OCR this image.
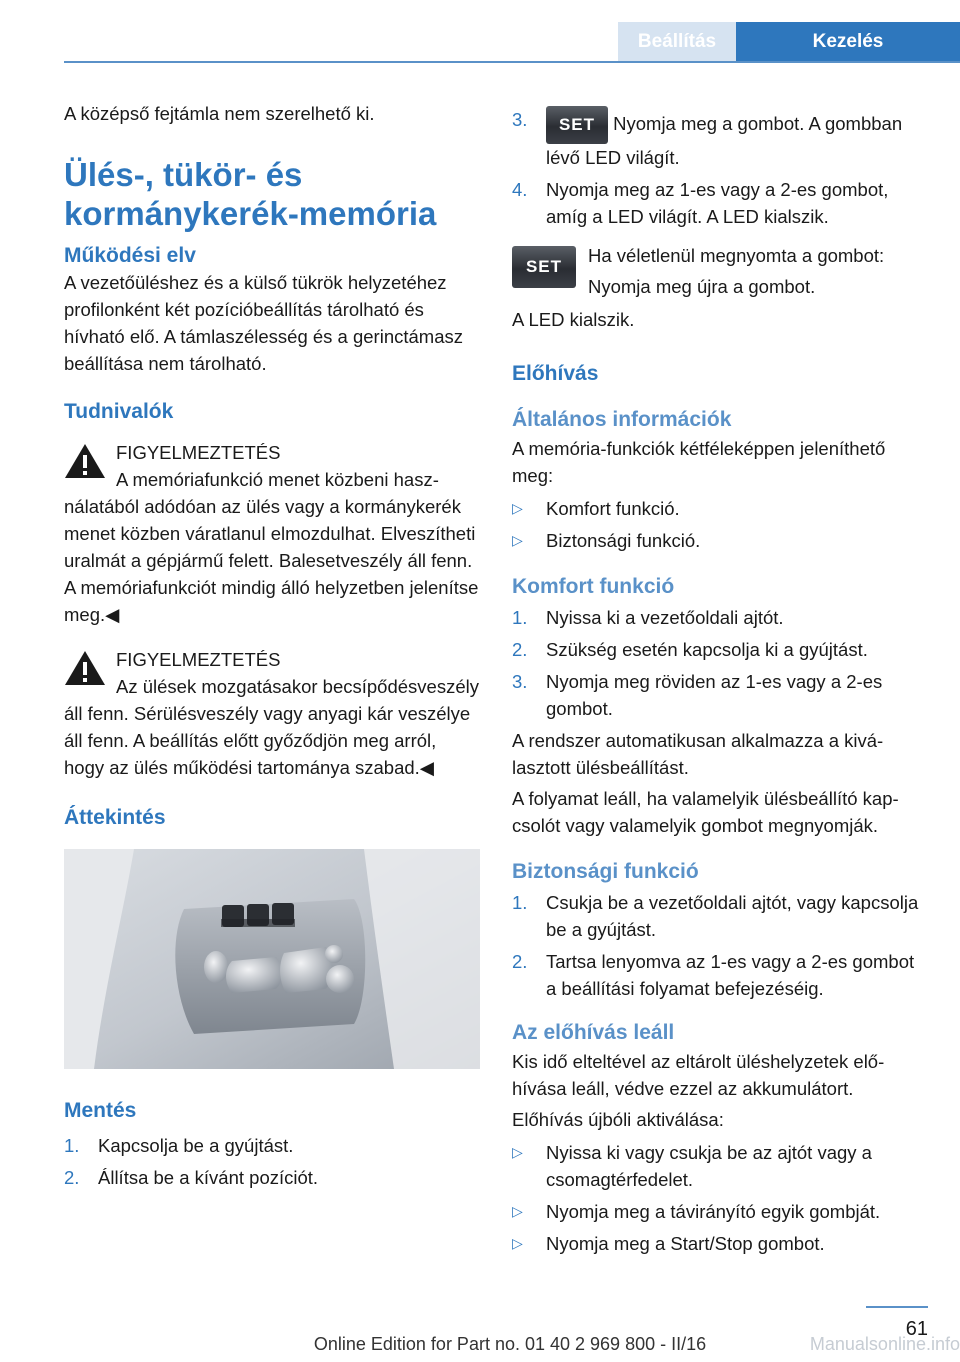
Beállítás	Kezelés

A középső fejtámla nem szerelhető ki.

Ülés-, tükör- és kormánykerék-memória
Működési elv

A vezetőüléshez és a külső tükrök helyzetéhez profilonként két pozícióbeállítás tárolható és hívható elő. A támlaszélesség és a gerinctámasz beállítása nem tárolható.

Tudnivalók
FIGYELMEZTETÉS
A memóriafunkció menet közbeni használatából adódóan az ülés vagy a kormánykerék menet közben váratlanul elmozdulhat. Elveszítheti uralmát a gépjármű felett. Balesetveszély áll fenn. A memóriafunkciót mindig álló helyzetben jelenítse meg.◀
FIGYELMEZTETÉS
Az ülések mozgatásakor becsípődésveszély áll fenn. Sérülésveszély vagy anyagi kár veszélye áll fenn. A beállítás előtt győződjön meg arról, hogy az ülés működési tartománya szabad.◀
Áttekintés
Mentés
1. Kapcsolja be a gyújtást.
2. Állítsa be a kívánt pozíciót.
3. SET Nyomja meg a gombot. A gombban lévő LED világít.
4. Nyomja meg az 1-es vagy a 2-es gombot, amíg a LED világít. A LED kialszik.
SET

Ha véletlenül megnyomta a gombot:

Nyomja meg újra a gombot.

A LED kialszik.

Előhívás
Általános információk

A memória-funkciók kétféleképpen jeleníthető meg:

▷ Komfort funkció.
▷ Biztonsági funkció.
Komfort funkció
1. Nyissa ki a vezetőoldali ajtót.
2. Szükség esetén kapcsolja ki a gyújtást.
3. Nyomja meg röviden az 1-es vagy a 2-es gombot.

A rendszer automatikusan alkalmazza a kiválasztott ülésbeállítást.

A folyamat leáll, ha valamelyik ülésbeállító kapcsolót vagy valamelyik gombot megnyomják.

Biztonsági funkció
1. Csukja be a vezetőoldali ajtót, vagy kapcsolja be a gyújtást.
2. Tartsa lenyomva az 1-es vagy a 2-es gombot a beállítási folyamat befejezéséig.
Az előhívás leáll

Kis idő elteltével az eltárolt üléshelyzetek előhívása leáll, védve ezzel az akkumulátort.

Előhívás újbóli aktiválása:

▷ Nyissa ki vagy csukja be az ajtót vagy a csomagtérfedelet.
▷ Nyomja meg a távirányító egyik gombját.
▷ Nyomja meg a Start/Stop gombot.
61
Online Edition for Part no. 01 40 2 969 800 - II/16	Manualsonline.info
